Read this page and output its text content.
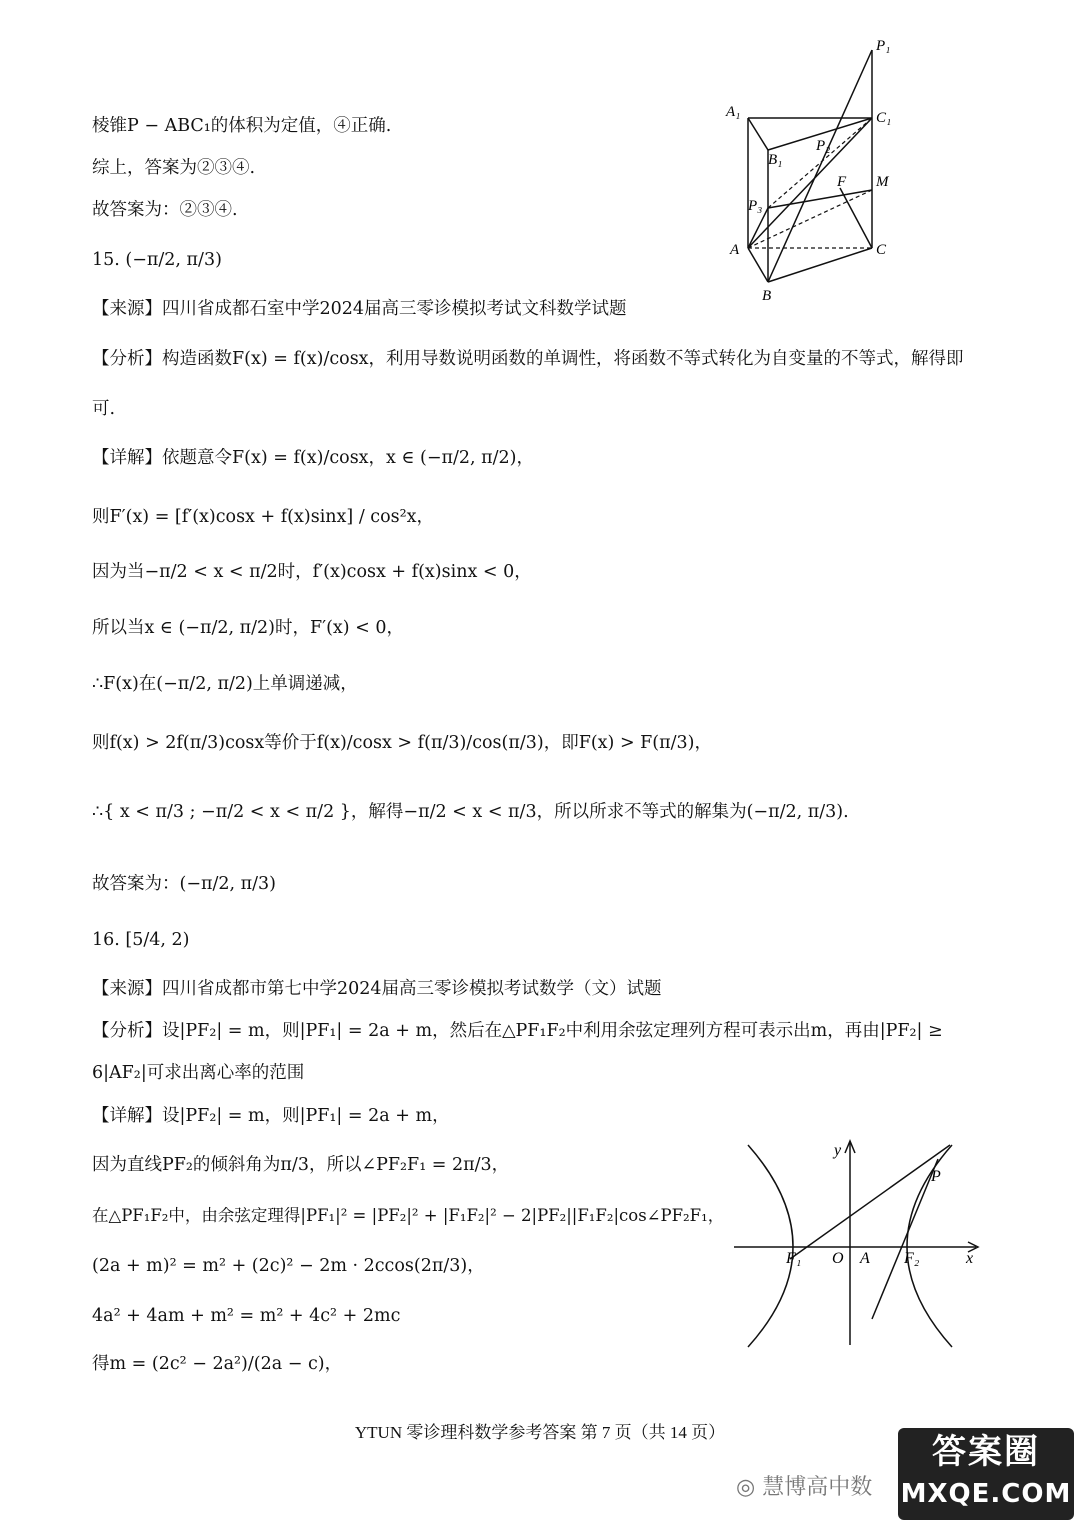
棱锥P − ABC₁的体积为定值，④正确.
综上，答案为②③④.
故答案为：②③④.
15. (−π/2, π/3)
【来源】四川省成都石室中学2024届高三零诊模拟考试文科数学试题
【分析】构造函数F(x) = f(x)/cosx，利用导数说明函数的单调性，将函数不等式转化为自变量的不等式，解得即
可.
【详解】依题意令F(x) = f(x)/cosx，x ∈ (−π/2, π/2)，
则F′(x) = [f′(x)cosx + f(x)sinx] / cos²x，
因为当−π/2 < x < π/2时，f′(x)cosx + f(x)sinx < 0，
所以当x ∈ (−π/2, π/2)时，F′(x) < 0，
∴F(x)在(−π/2, π/2)上单调递减，
则f(x) > 2f(π/3)cosx等价于f(x)/cosx > f(π/3)/cos(π/3)，即F(x) > F(π/3)，
∴{ x < π/3 ; −π/2 < x < π/2 }，解得−π/2 < x < π/3，所以所求不等式的解集为(−π/2, π/3).
故答案为：(−π/2, π/3)
16. [5/4, 2)
【来源】四川省成都市第七中学2024届高三零诊模拟考试数学（文）试题
【分析】设|PF₂| = m，则|PF₁| = 2a + m，然后在△PF₁F₂中利用余弦定理列方程可表示出m，再由|PF₂| ≥
6|AF₂|可求出离心率的范围
【详解】设|PF₂| = m，则|PF₁| = 2a + m，
因为直线PF₂的倾斜角为π/3，所以∠PF₂F₁ = 2π/3，
在△PF₁F₂中，由余弦定理得|PF₁|² = |PF₂|² + |F₁F₂|² − 2|PF₂||F₁F₂|cos∠PF₂F₁，
(2a + m)² = m² + (2c)² − 2m · 2ccos(2π/3)，
4a² + 4am + m² = m² + 4c² + 2mc
得m = (2c² − 2a²)/(2a − c)，
P₁
A₁	C₁
B₁
P₂
F M
P₃
A	C
B
y
P
F₁ O A F₂	x
YTUN 零诊理科数学参考答案 第 7 页（共 14 页）
◎ 慧博高中数
答案圈
MXQE.COM
